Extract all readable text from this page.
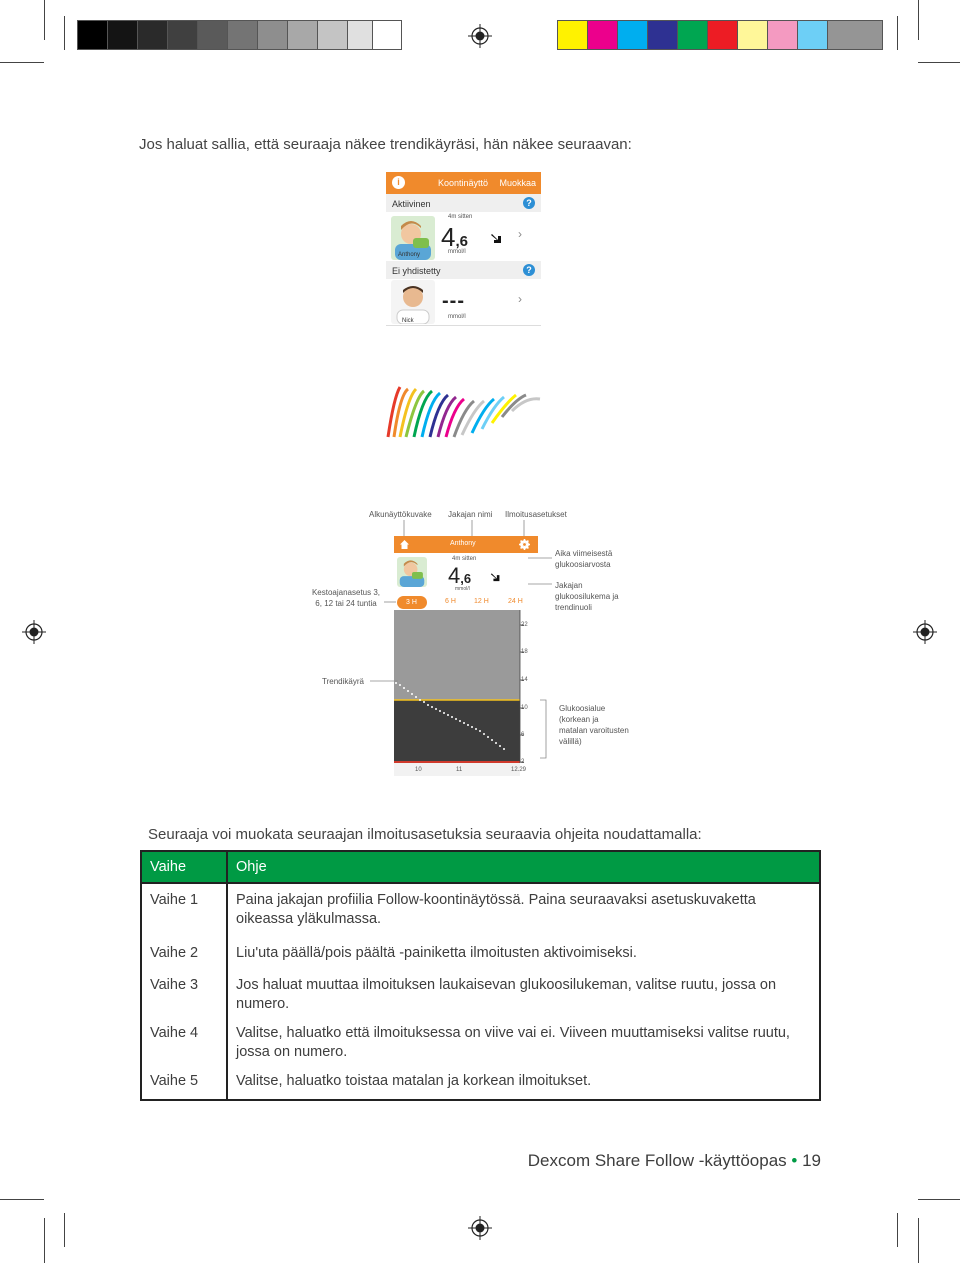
Jos haluat sallia, että seuraaja näkee trendikäyräsi, hän näkee seuraavan:
i	Koontinäyttö Muokkaa
Aktiivinen	?
Anthony
4m sitten
4,6
mmol/l
›
Ei yhdistetty	?
Nick
---
mmol/l
›
Alkunäyttökuvake Jakajan nimi Ilmoitusasetukset
Anthony
4m sitten
4,6
mmol/l
3 H	6 H	12 H	24 H
22
18
14
10
6
2
10	11	12.29
Aika viimeisestä glukoosiarvosta
Jakajan glukoosilukema ja trendinuoli
Kestoajanasetus 3, 6, 12 tai 24 tuntia
Trendikäyrä
Glukoosialue (korkean ja matalan varoitusten välillä)
Seuraaja voi muokata seuraajan ilmoitusasetuksia seuraavia ohjeita noudattamalla:
Vaihe	Ohje
Vaihe 1	Paina jakajan profiilia Follow-koontinäytössä. Paina seuraavaksi asetuskuvaketta oikeassa yläkulmassa.
Vaihe 2	Liu'uta päällä/pois päältä -painiketta ilmoitusten aktivoimiseksi.
Vaihe 3	Jos haluat muuttaa ilmoituksen laukaisevan glukoosilukeman, valitse ruutu, jossa on numero.
Vaihe 4	Valitse, haluatko että ilmoituksessa on viive vai ei. Viiveen muuttamiseksi valitse ruutu, jossa on numero.
Vaihe 5	Valitse, haluatko toistaa matalan ja korkean ilmoitukset.
Dexcom Share Follow -käyttöopas • 19
